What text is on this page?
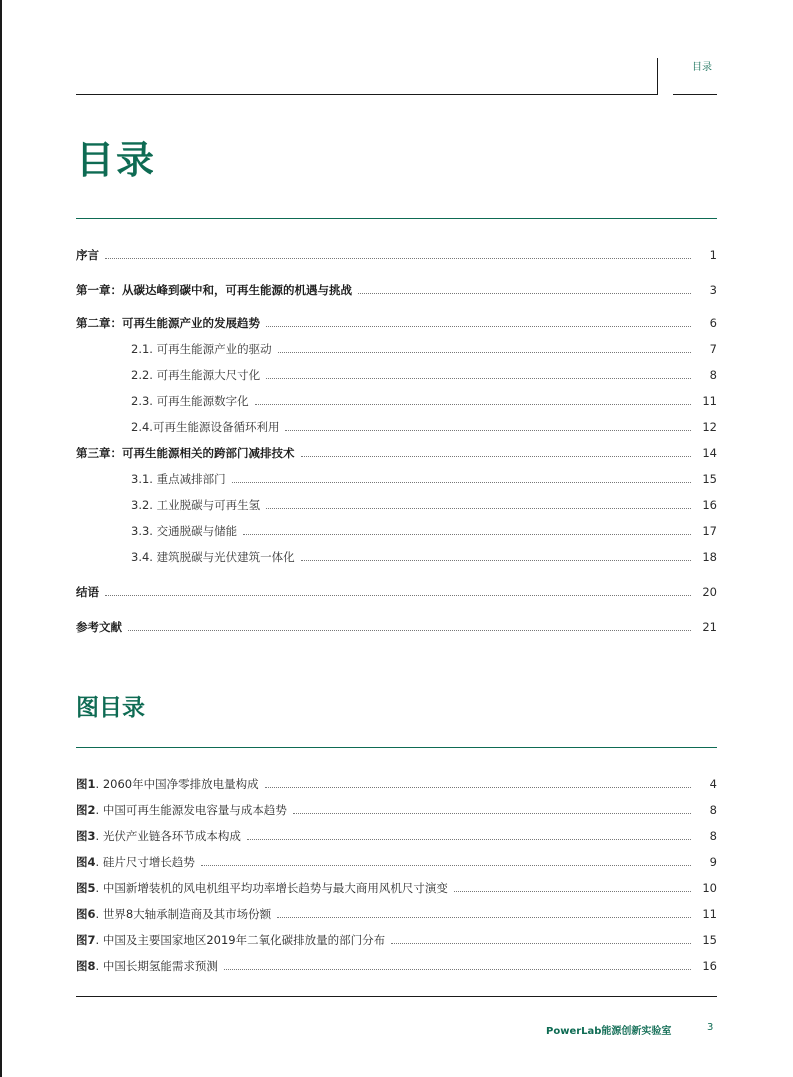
目录
目录
序言	1
第一章：从碳达峰到碳中和，可再生能源的机遇与挑战	3
第二章：可再生能源产业的发展趋势	6
2.1. 可再生能源产业的驱动	7
2.2. 可再生能源大尺寸化	8
2.3. 可再生能源数字化	11
2.4.可再生能源设备循环利用	12
第三章：可再生能源相关的跨部门减排技术	14
3.1. 重点减排部门	15
3.2. 工业脱碳与可再生氢	16
3.3. 交通脱碳与储能	17
3.4. 建筑脱碳与光伏建筑一体化	18
结语	20
参考文献	21
图目录
图1. 2060年中国净零排放电量构成	4
图2. 中国可再生能源发电容量与成本趋势	8
图3. 光伏产业链各环节成本构成	8
图4. 硅片尺寸增长趋势	9
图5. 中国新增装机的风电机组平均功率增长趋势与最大商用风机尺寸演变	10
图6. 世界8大轴承制造商及其市场份额	11
图7. 中国及主要国家地区2019年二氧化碳排放量的部门分布	15
图8. 中国长期氢能需求预测	16
PowerLab能源创新实验室	3
